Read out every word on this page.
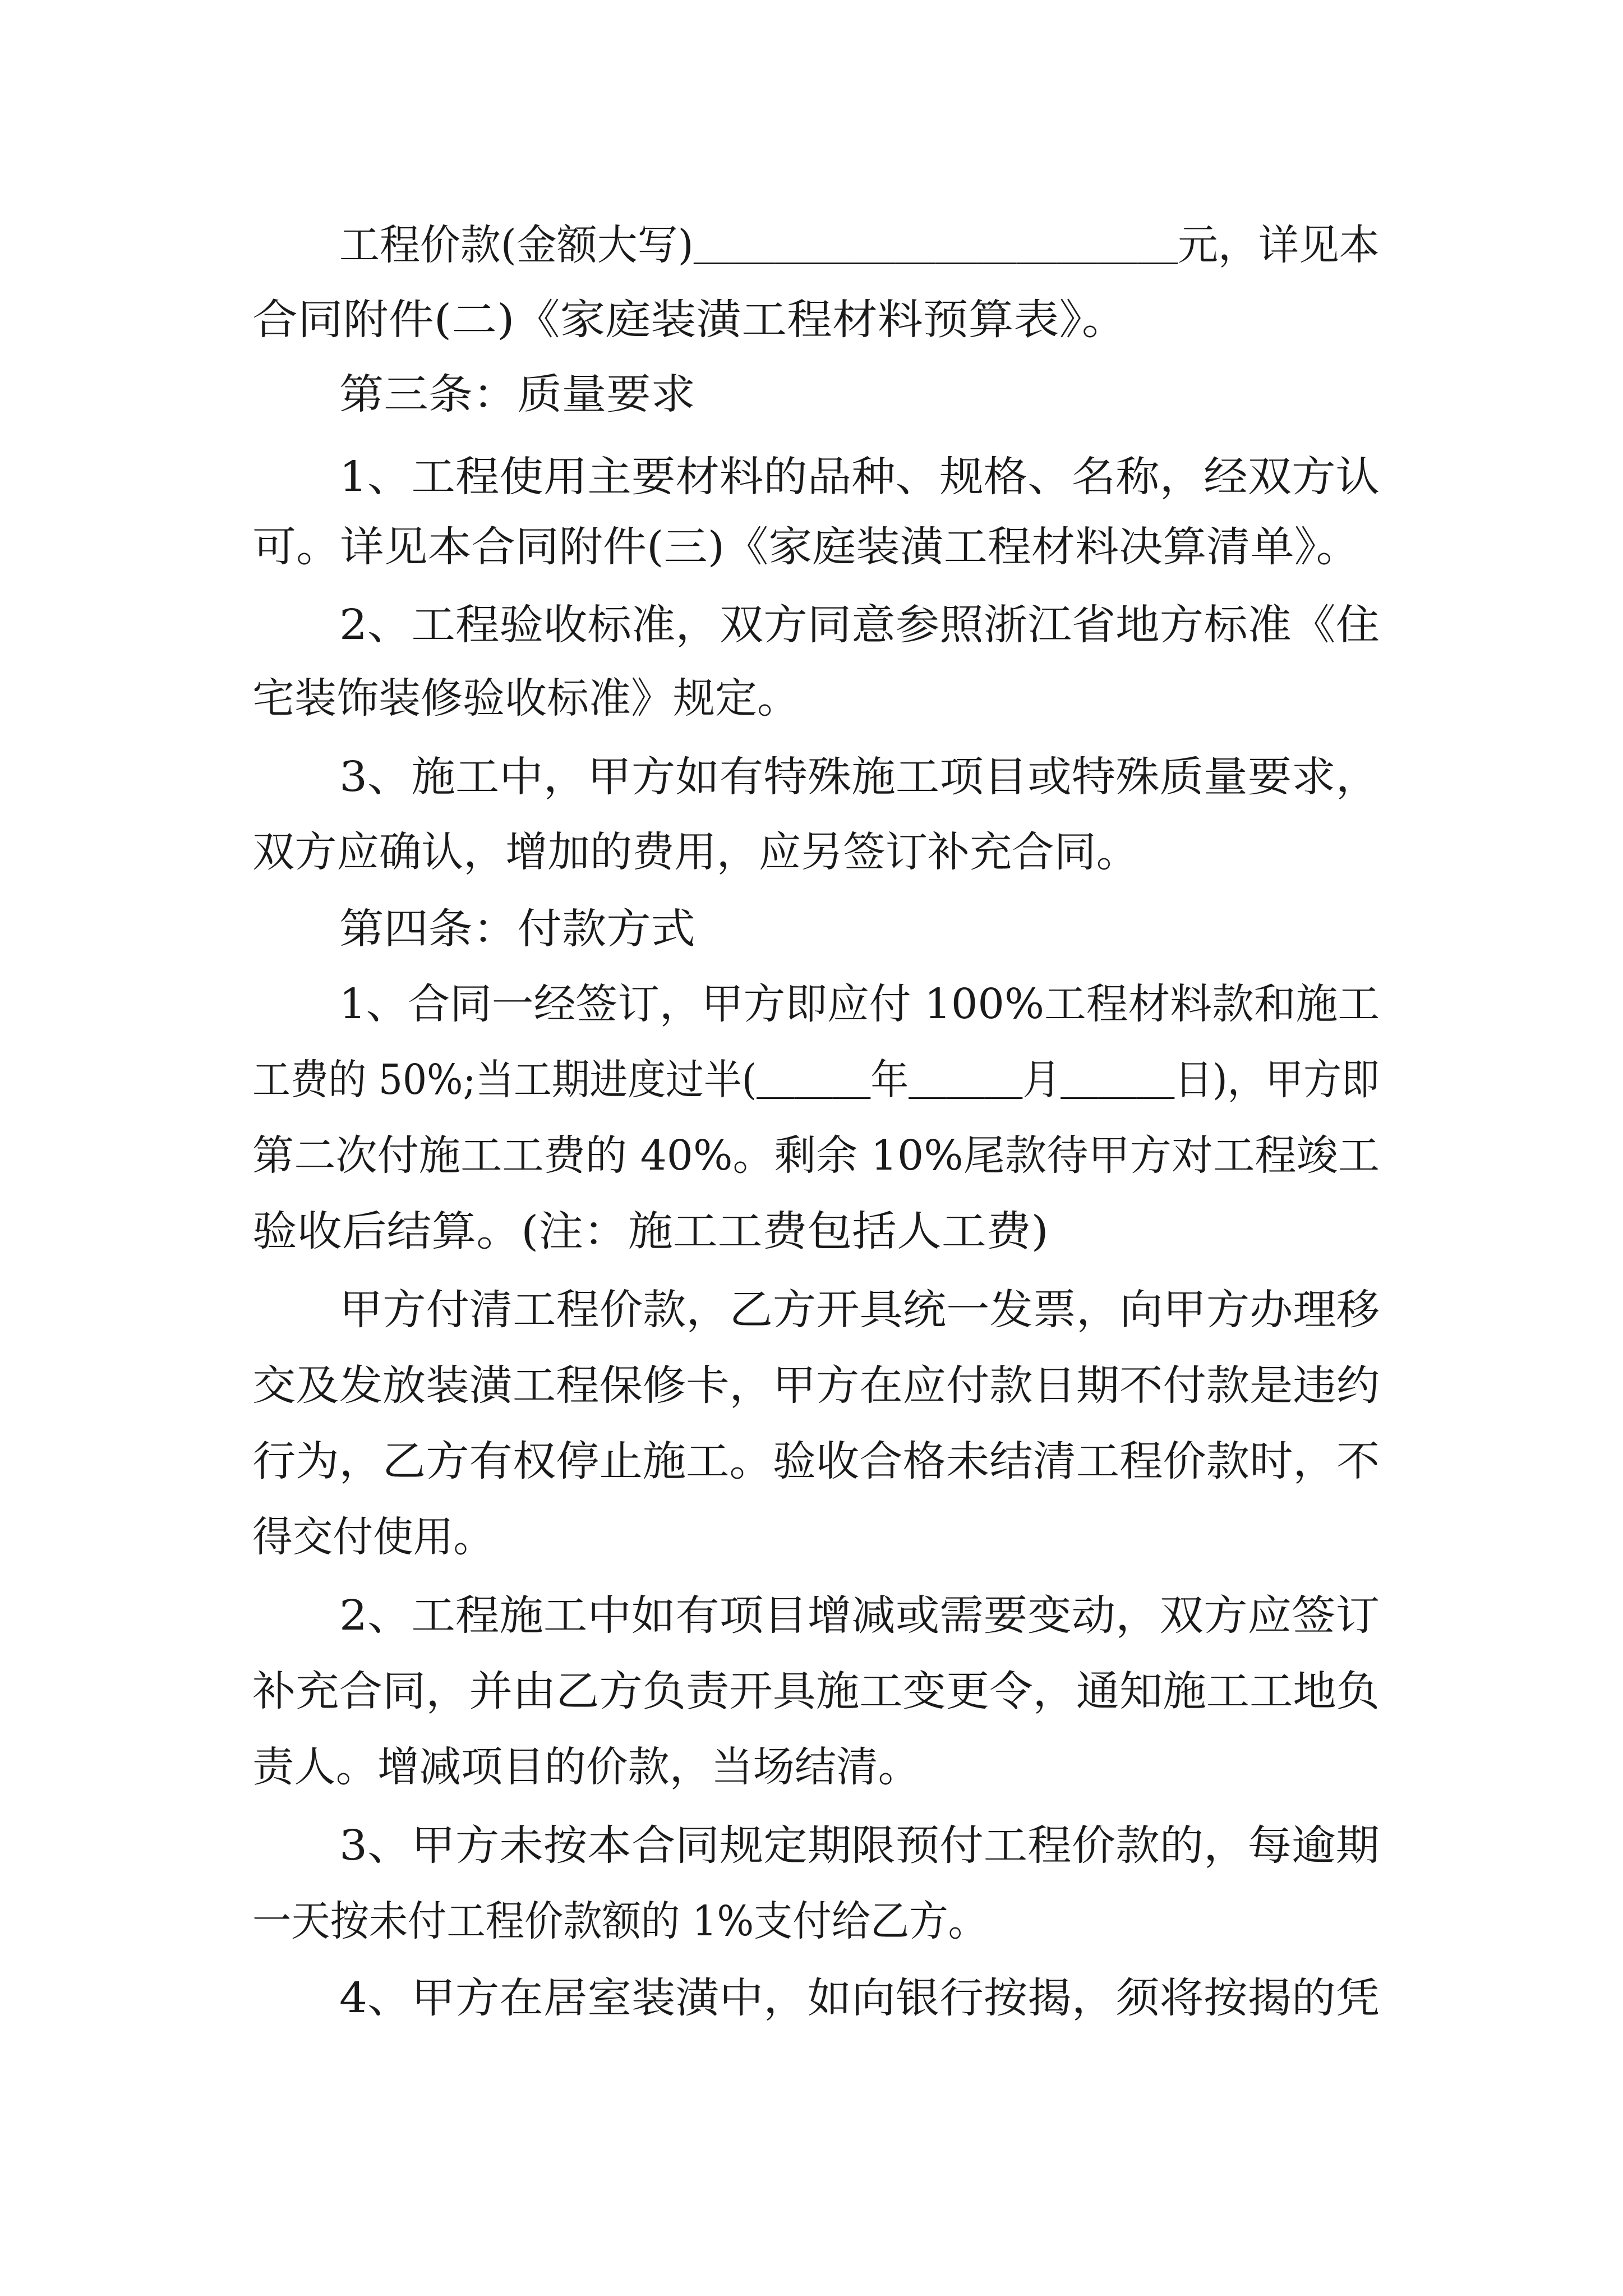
工程价款(金额大写)＿＿＿＿＿＿＿＿＿＿＿＿元，详见本
合同附件(二)《家庭装潢工程材料预算表》。
第三条：质量要求
1、工程使用主要材料的品种、规格、名称，经双方认
可。详见本合同附件(三)《家庭装潢工程材料决算清单》。
2、工程验收标准，双方同意参照浙江省地方标准《住
宅装饰装修验收标准》规定。
3、施工中，甲方如有特殊施工项目或特殊质量要求，
双方应确认，增加的费用，应另签订补充合同。
第四条：付款方式
1、合同一经签订，甲方即应付 100%工程材料款和施工
工费的 50%;当工期进度过半(＿＿＿年＿＿＿月＿＿＿日)，甲方即
第二次付施工工费的 40%。剩余 10%尾款待甲方对工程竣工
验收后结算。(注：施工工费包括人工费)
甲方付清工程价款，乙方开具统一发票，向甲方办理移
交及发放装潢工程保修卡，甲方在应付款日期不付款是违约
行为，乙方有权停止施工。验收合格未结清工程价款时，不
得交付使用。
2、工程施工中如有项目增减或需要变动，双方应签订
补充合同，并由乙方负责开具施工变更令，通知施工工地负
责人。增减项目的价款，当场结清。
3、甲方未按本合同规定期限预付工程价款的，每逾期
一天按未付工程价款额的 1%支付给乙方。
4、甲方在居室装潢中，如向银行按揭，须将按揭的凭
